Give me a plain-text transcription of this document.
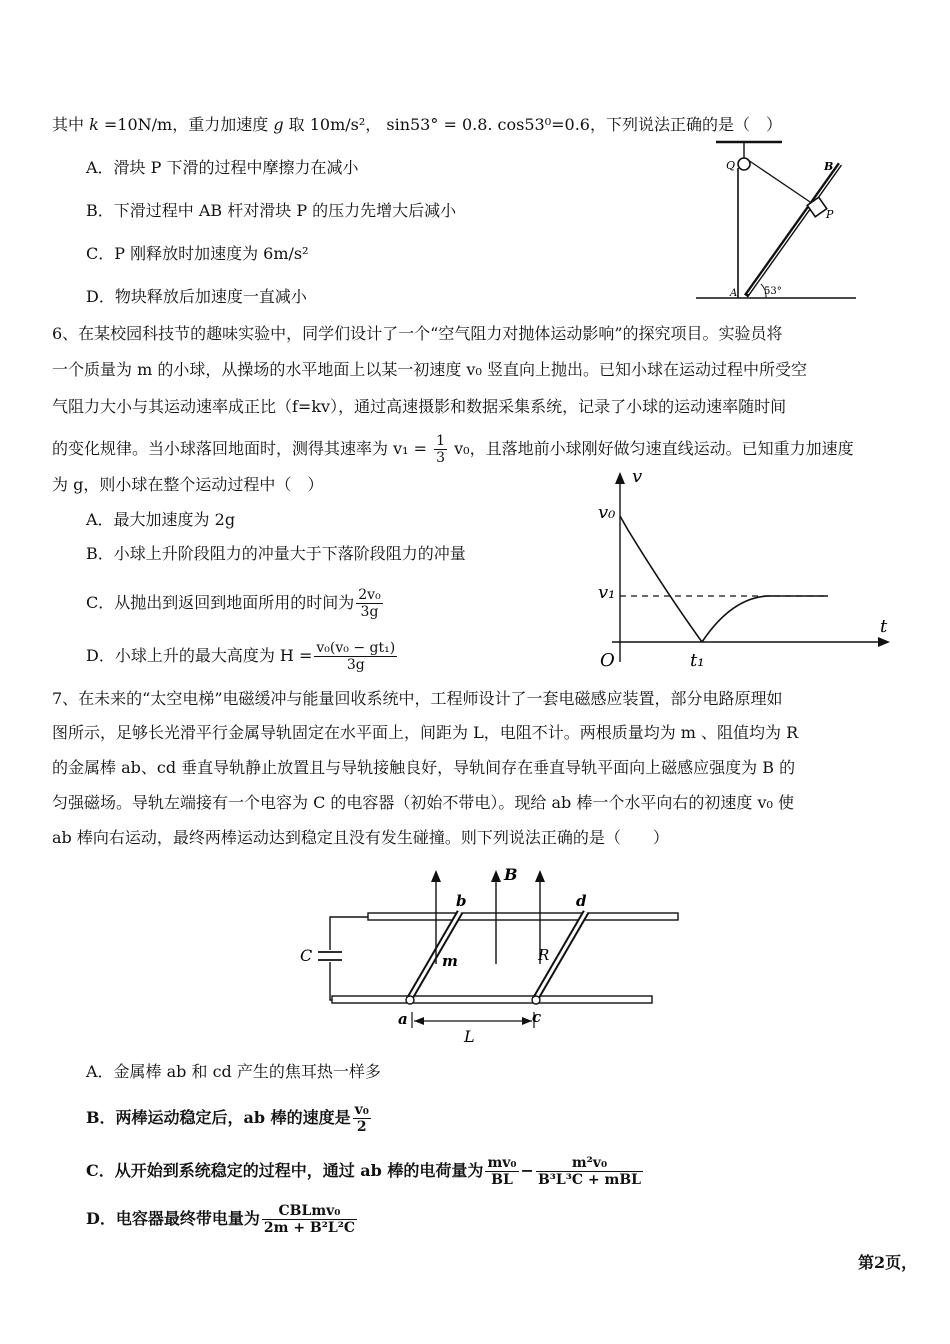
其中 k =10N/m，重力加速度 g 取 10m/s²， sin53° = 0.8. cos53⁰=0.6，下列说法正确的是（　）
A．滑块 P 下滑的过程中摩擦力在减小
B．下滑过程中 AB 杆对滑块 P 的压力先增大后减小
C．P 刚释放时加速度为 6m/s²
D．物块释放后加速度一直减小
Q	B
P
A	53°
6、在某校园科技节的趣味实验中，同学们设计了一个“空气阻力对抛体运动影响”的探究项目。实验员将
一个质量为 m 的小球，从操场的水平地面上以某一初速度 v₀ 竖直向上抛出。已知小球在运动过程中所受空
气阻力大小与其运动速率成正比（f=kv），通过高速摄影和数据采集系统，记录了小球的运动速率随时间
的变化规律。当小球落回地面时，测得其速率为 $v_1 = \frac{1}{3} v_0$，且落地前小球刚好做匀速直线运动。已知重力加速度
为 g，则小球在整个运动过程中（　）
A．最大加速度为 2g
B．小球上升阶段阻力的冲量大于下落阶段阻力的冲量
C．从抛出到返回到地面所用的时间为 $\frac{\text{2v₀}}{3g}$
D．小球上升的最大高度为 $H = \frac{\text{v₀(v₀ − gt₁)}}{3g}$
v
t
v₀
v₁
t₁
O
7、在未来的“太空电梯”电磁缓冲与能量回收系统中，工程师设计了一套电磁感应装置，部分电路原理如
图所示，足够长光滑平行金属导轨固定在水平面上，间距为 L，电阻不计。两根质量均为 m 、阻值均为 R
的金属棒 ab、cd 垂直导轨静止放置且与导轨接触良好，导轨间存在垂直导轨平面向上磁感应强度为 B 的
匀强磁场。导轨左端接有一个电容为 C 的电容器（初始不带电）。现给 ab 棒一个水平向右的初速度 v₀ 使
ab 棒向右运动，最终两棒运动达到稳定且没有发生碰撞。则下列说法正确的是（　　）
B
b	d
C	m	R
a	c
L
A．金属棒 ab 和 cd 产生的焦耳热一样多
B．两棒运动稳定后，ab 棒的速度是 $\frac{\text{v₀}}{2}$
C．从开始到系统稳定的过程中，通过 ab 棒的电荷量为 $\frac{\text{mv₀}}{BL} - \frac{\text{m²v₀}}{\text{B³L³C + mBL}}$
D．电容器最终带电量为 $\frac{\text{CBLmv₀}}{\text{2m + B²L²C}}$
第2页，
